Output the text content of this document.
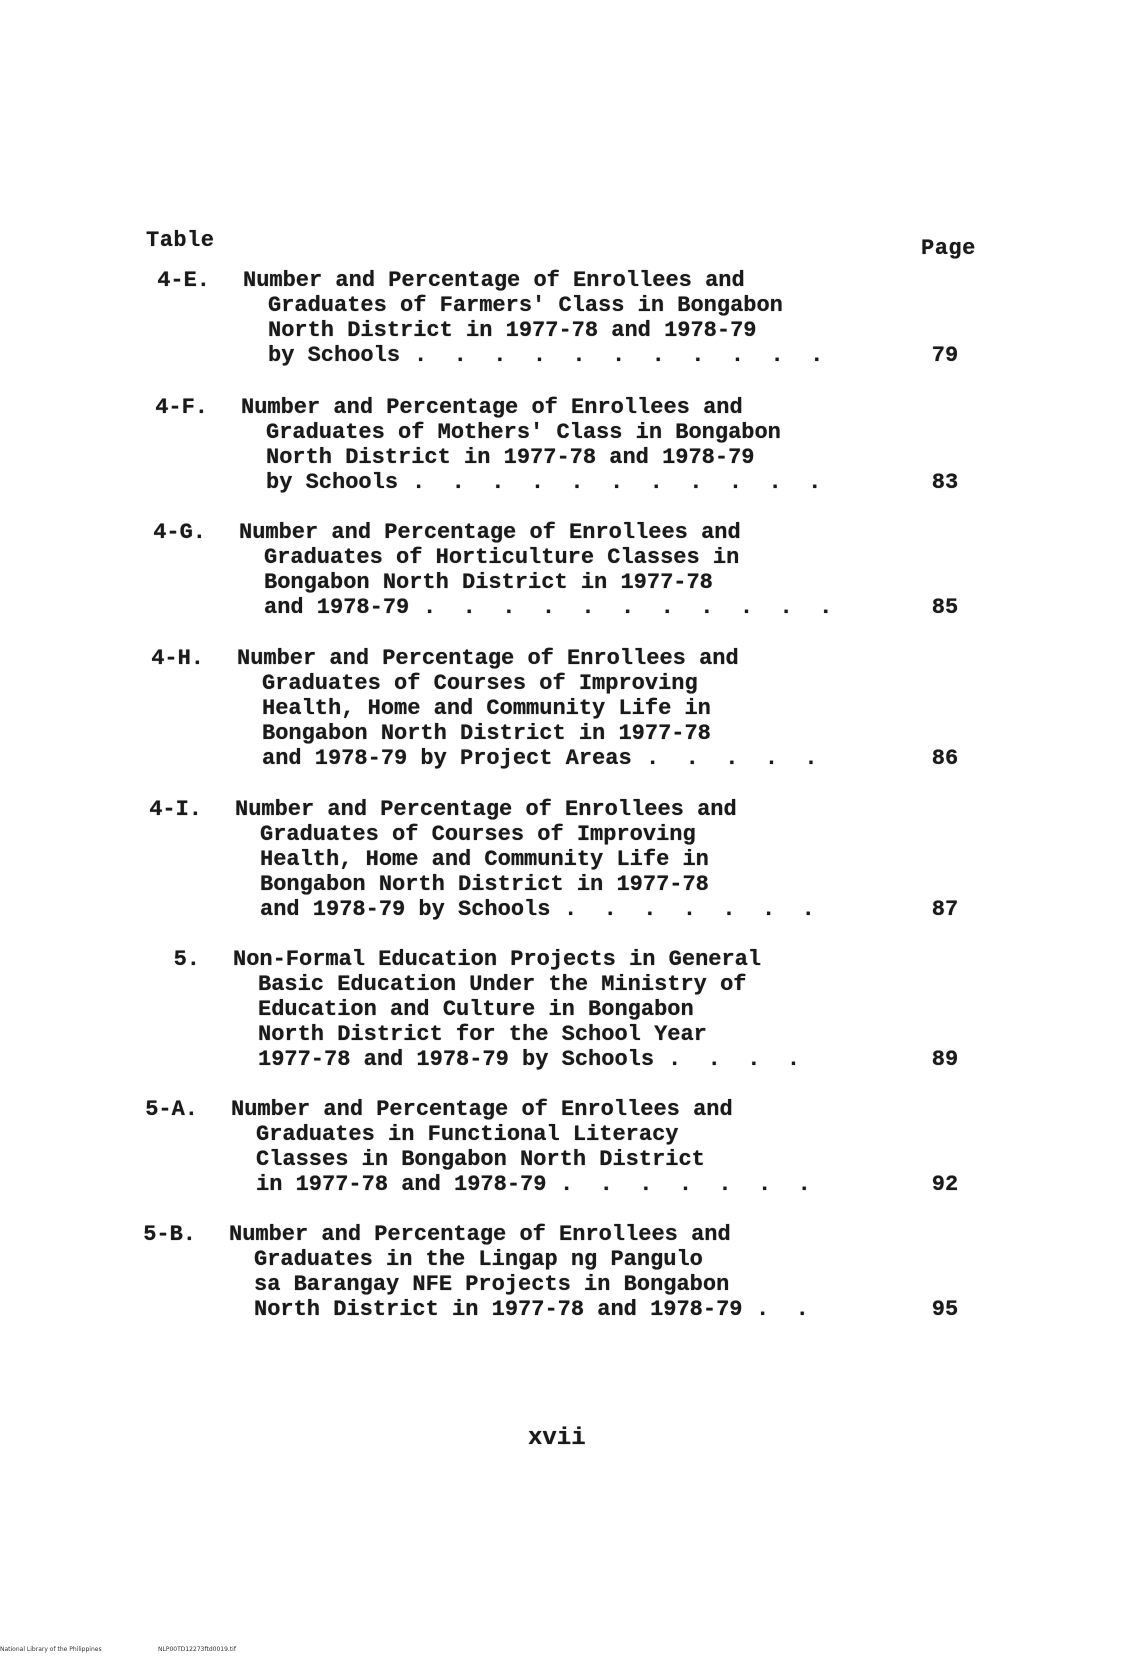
Table	Page
4-E. Number and Percentage of Enrollees and
Graduates of Farmers' Class in Bongabon
North District in 1977-78 and 1978-79
by Schools .  .  .  .  .  .  .  .  .  .  .	79
4-F. Number and Percentage of Enrollees and
Graduates of Mothers' Class in Bongabon
North District in 1977-78 and 1978-79
by Schools .  .  .  .  .  .  .  .  .  .  .	83
4-G. Number and Percentage of Enrollees and
Graduates of Horticulture Classes in
Bongabon North District in 1977-78
and 1978-79 .  .  .  .  .  .  .  .  .  .  .	85
4-H. Number and Percentage of Enrollees and
Graduates of Courses of Improving
Health, Home and Community Life in
Bongabon North District in 1977-78
and 1978-79 by Project Areas .  .  .  .  .	86
4-I. Number and Percentage of Enrollees and
Graduates of Courses of Improving
Health, Home and Community Life in
Bongabon North District in 1977-78
and 1978-79 by Schools .  .  .  .  .  .  .	87
5. Non-Formal Education Projects in General
Basic Education Under the Ministry of
Education and Culture in Bongabon
North District for the School Year
1977-78 and 1978-79 by Schools .  .  .  .	89
5-A. Number and Percentage of Enrollees and
Graduates in Functional Literacy
Classes in Bongabon North District
in 1977-78 and 1978-79 .  .  .  .  .  .  .	92
5-B. Number and Percentage of Enrollees and
Graduates in the Lingap ng Pangulo
sa Barangay NFE Projects in Bongabon
North District in 1977-78 and 1978-79 .  .	95
xvii
National Library of the Philippines	NLP00TD12273ftd0019.tif
